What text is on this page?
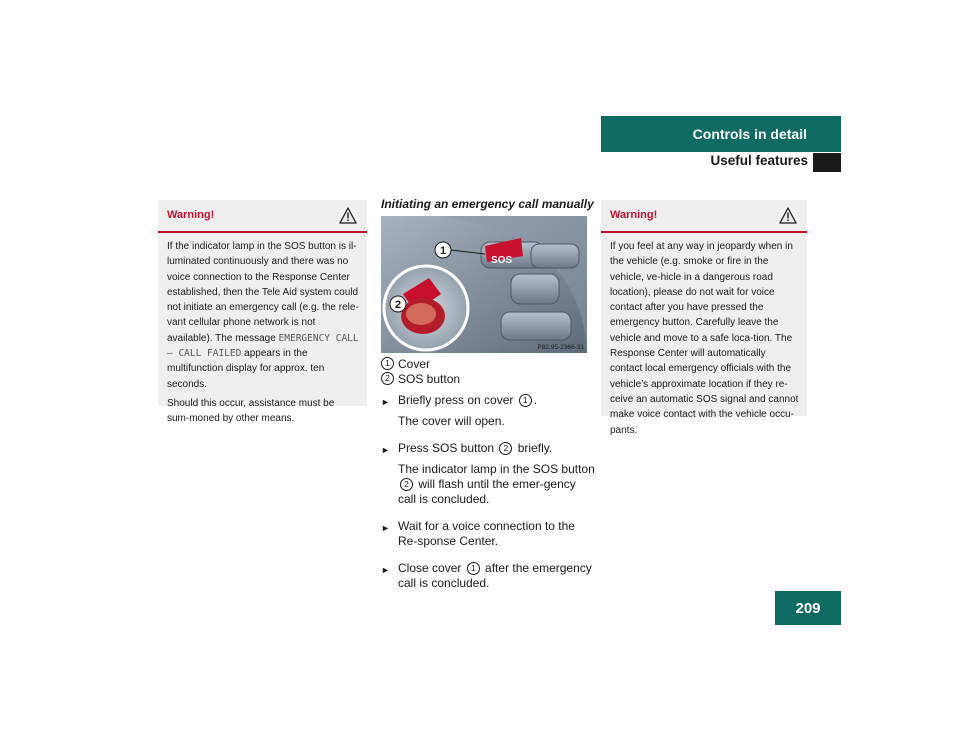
Controls in detail
Useful features
Warning!

If the indicator lamp in the SOS button is il-luminated continuously and there was no voice connection to the Response Center established, then the Tele Aid system could not initiate an emergency call (e.g. the rele-vant cellular phone network is not available). The message EMERGENCY CALL – CALL FAILED appears in the multifunction display for approx. ten seconds.

Should this occur, assistance must be sum-moned by other means.

Initiating an emergency call manually
SOS
1
2
P82.95-2366-31
1 Cover
2 SOS button
► Briefly press on cover 1 .

The cover will open.

► Press SOS button 2 briefly.

The indicator lamp in the SOS button 2 will flash until the emer-gency call is concluded.

► Wait for a voice connection to the Re-sponse Center.

► Close cover 1 after the emergency call is concluded.

Warning!

If you feel at any way in jeopardy when in the vehicle (e.g. smoke or fire in the vehicle, ve-hicle in a dangerous road location), please do not wait for voice contact after you have pressed the emergency button. Carefully leave the vehicle and move to a safe loca-tion. The Response Center will automatically contact local emergency officials with the vehicle’s approximate location if they re-ceive an automatic SOS signal and cannot make voice contact with the vehicle occu-pants.

209
